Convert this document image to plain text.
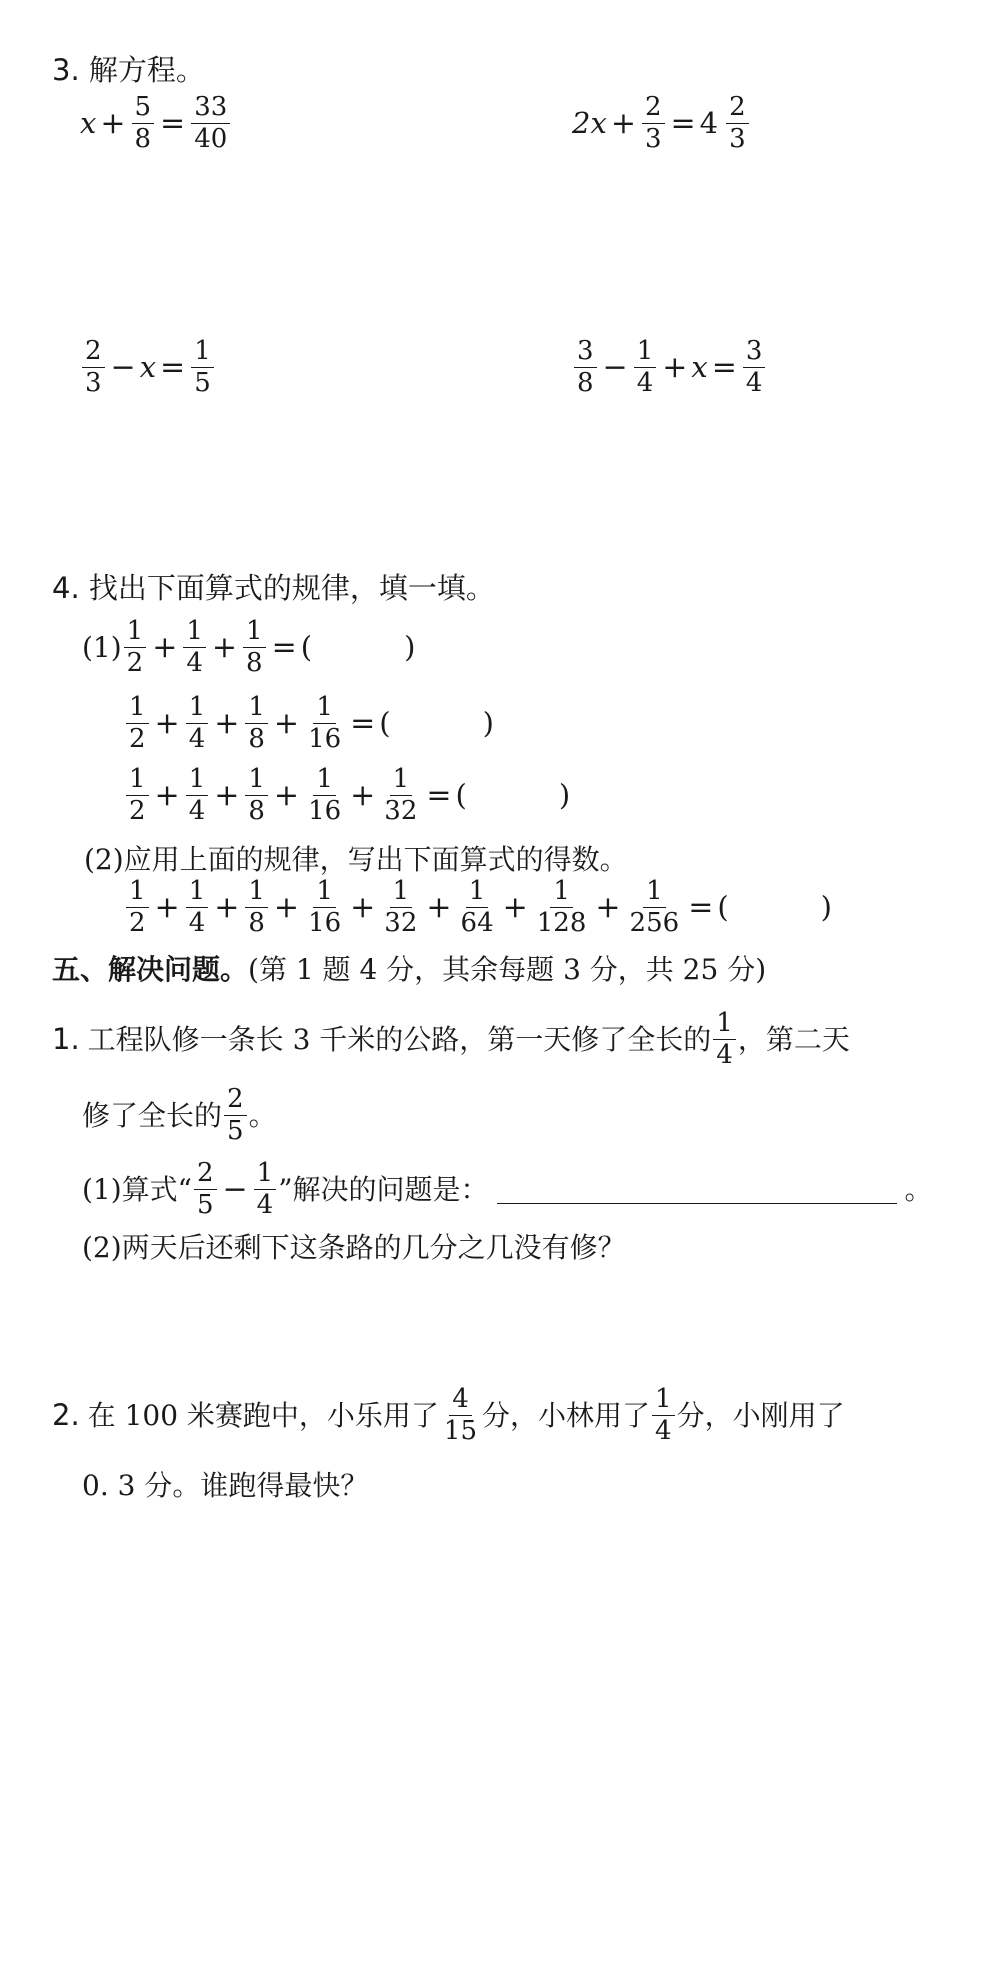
3. 解方程。
$x + \frac{5}{8} = \frac{33}{40}$	$2x + \frac{2}{3} = 4 \frac{2}{3}$
$\frac{2}{3} - x = \frac{1}{5}$	$\frac{3}{8} - \frac{1}{4} + x = \frac{3}{4}$
4. 找出下面算式的规律，填一填。
$(1) \frac{1}{2} + \frac{1}{4} + \frac{1}{8}$ = (	)
$\frac{1}{2} + \frac{1}{4} + \frac{1}{8} + \frac{1}{16}$ = (	)
$\frac{1}{2} + \frac{1}{4} + \frac{1}{8} + \frac{1}{16} + \frac{1}{32}$ = (	)
(2)应用上面的规律，写出下面算式的得数。
$\frac{1}{2} + \frac{1}{4} + \frac{1}{8} + \frac{1}{16} + \frac{1}{32} + \frac{1}{64} + \frac{1}{128} + \frac{1}{256}$ = (	)
五、解决问题。(第 1 题 4 分，其余每题 3 分，共 25 分)
1. 工程队修一条长 3 千米的公路，第一天修了全长的 $\frac{1}{4}$ ，第二天
修了全长的 $\frac{2}{5}$ 。
(1)算式“ $\frac{2}{5} - \frac{1}{4}$ ”解决的问题是：	。
(2)两天后还剩下这条路的几分之几没有修？
2. 在 100 米赛跑中，小乐用了 $\frac{4}{15}$ 分，小林用了 $\frac{1}{4}$ 分，小刚用了
0. 3 分。谁跑得最快？
